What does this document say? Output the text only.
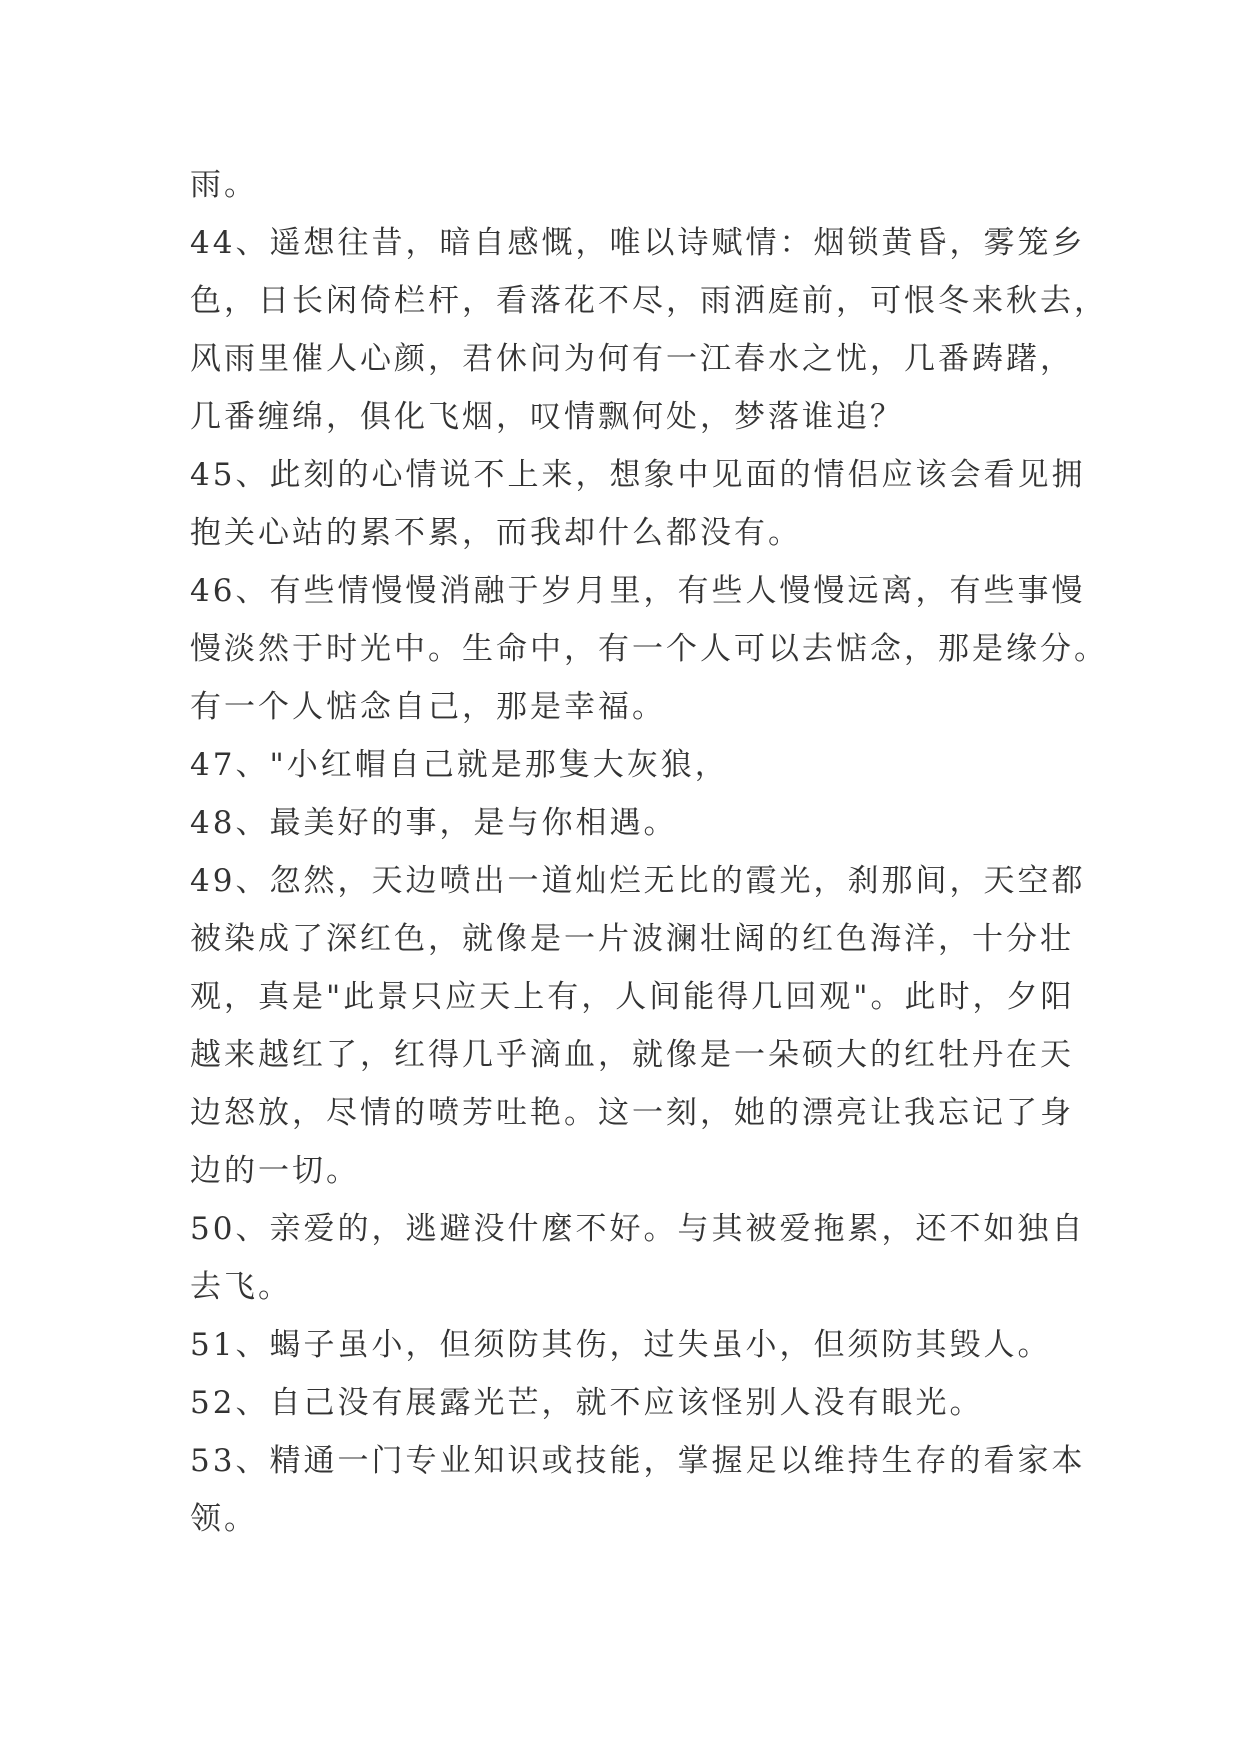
雨。
44、遥想往昔，暗自感慨，唯以诗赋情：烟锁黄昏，雾笼乡
色，日长闲倚栏杆，看落花不尽，雨洒庭前，可恨冬来秋去，
风雨里催人心颜，君休问为何有一江春水之忧，几番踌躇，
几番缠绵，俱化飞烟，叹情飘何处，梦落谁追？
45、此刻的心情说不上来，想象中见面的情侣应该会看见拥
抱关心站的累不累，而我却什么都没有。
46、有些情慢慢消融于岁月里，有些人慢慢远离，有些事慢
慢淡然于时光中。生命中，有一个人可以去惦念，那是缘分。
有一个人惦念自己，那是幸福。
47、"小红帽自己就是那隻大灰狼，
48、最美好的事，是与你相遇。
49、忽然，天边喷出一道灿烂无比的霞光，刹那间，天空都
被染成了深红色，就像是一片波澜壮阔的红色海洋，十分壮
观，真是"此景只应天上有，人间能得几回观"。此时，夕阳
越来越红了，红得几乎滴血，就像是一朵硕大的红牡丹在天
边怒放，尽情的喷芳吐艳。这一刻，她的漂亮让我忘记了身
边的一切。
50、亲爱的，逃避没什麼不好。与其被爱拖累，还不如独自
去飞。
51、蝎子虽小，但须防其伤，过失虽小，但须防其毁人。
52、自己没有展露光芒，就不应该怪别人没有眼光。
53、精通一门专业知识或技能，掌握足以维持生存的看家本
领。
